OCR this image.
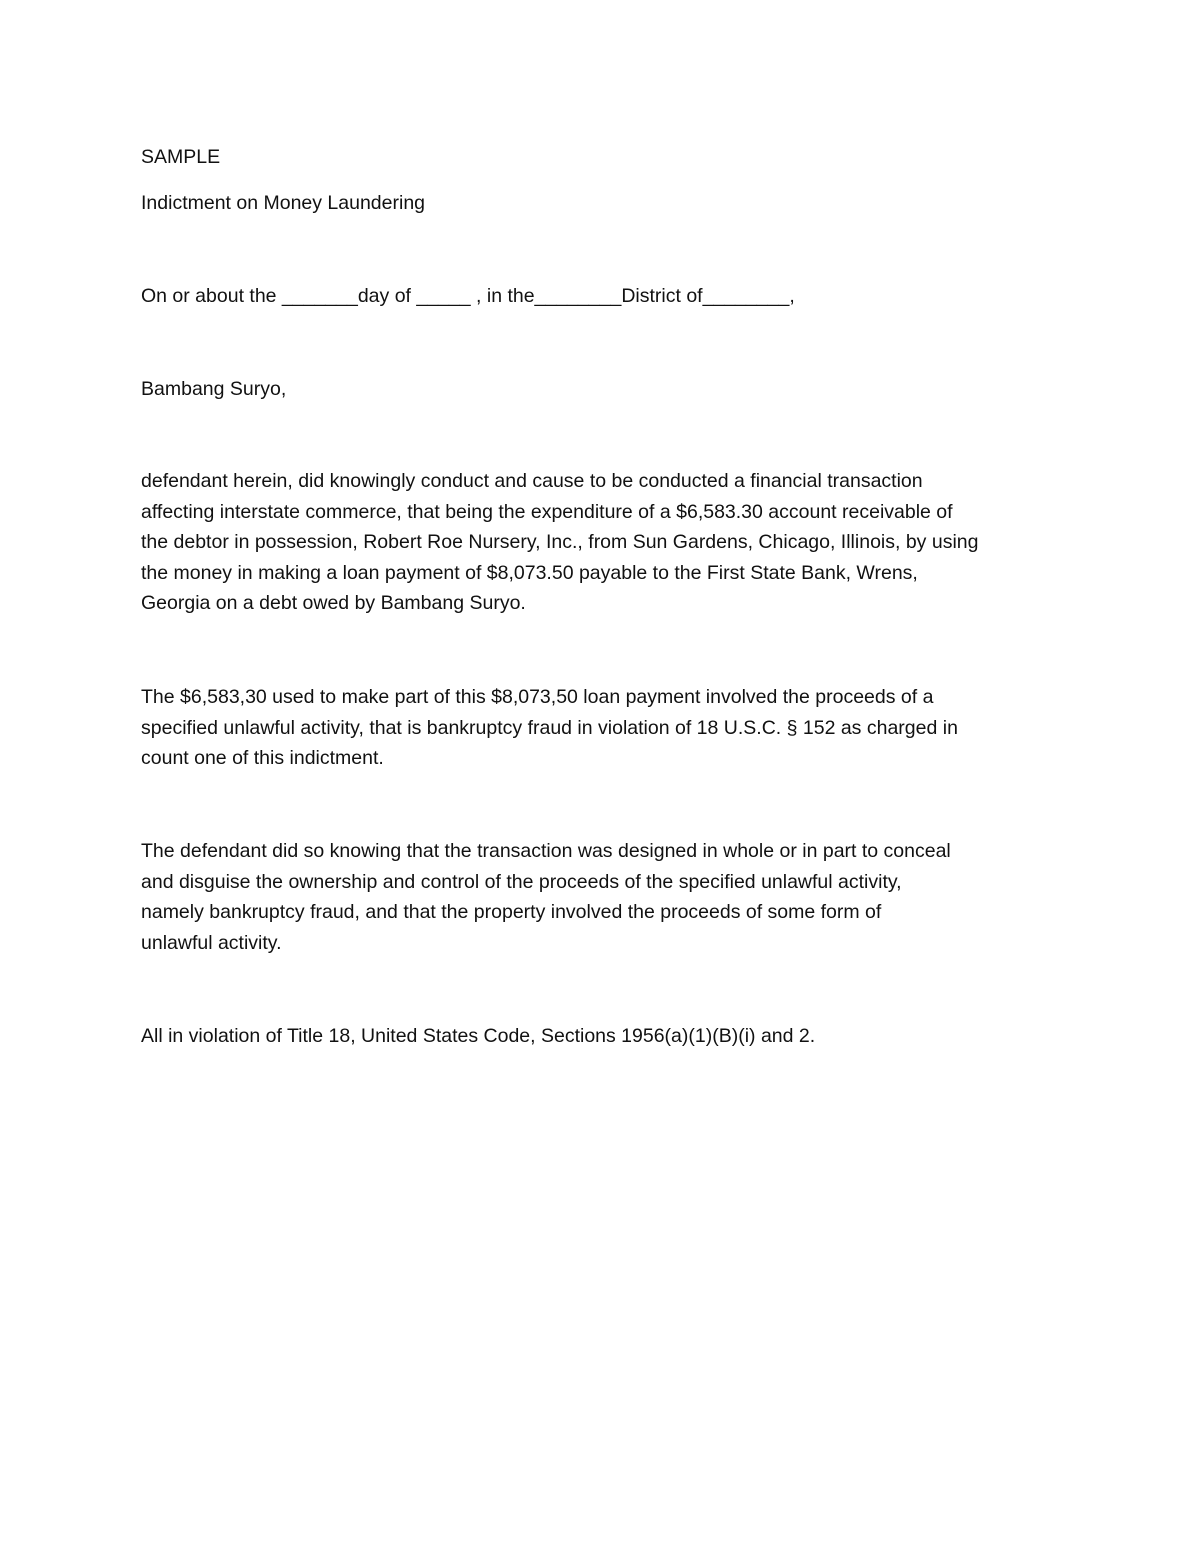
SAMPLE

Indictment on Money Laundering

On or about the _______day of _____ , in the________District of________,

Bambang Suryo,

defendant herein, did knowingly conduct and cause to be conducted a financial transaction
affecting interstate commerce, that being the expenditure of a $6,583.30 account receivable of
the debtor in possession, Robert Roe Nursery, Inc., from Sun Gardens, Chicago, Illinois, by using
the money in making a loan payment of $8,073.50 payable to the First State Bank, Wrens,
Georgia on a debt owed by Bambang Suryo.
The $6,583,30 used to make part of this $8,073,50 loan payment involved the proceeds of a
specified unlawful activity, that is bankruptcy fraud in violation of 18 U.S.C. § 152 as charged in
count one of this indictment.
The defendant did so knowing that the transaction was designed in whole or in part to conceal
and disguise the ownership and control of the proceeds of the specified unlawful activity,
namely bankruptcy fraud, and that the property involved the proceeds of some form of
unlawful activity.

All in violation of Title 18, United States Code, Sections 1956(a)(1)(B)(i) and 2.
